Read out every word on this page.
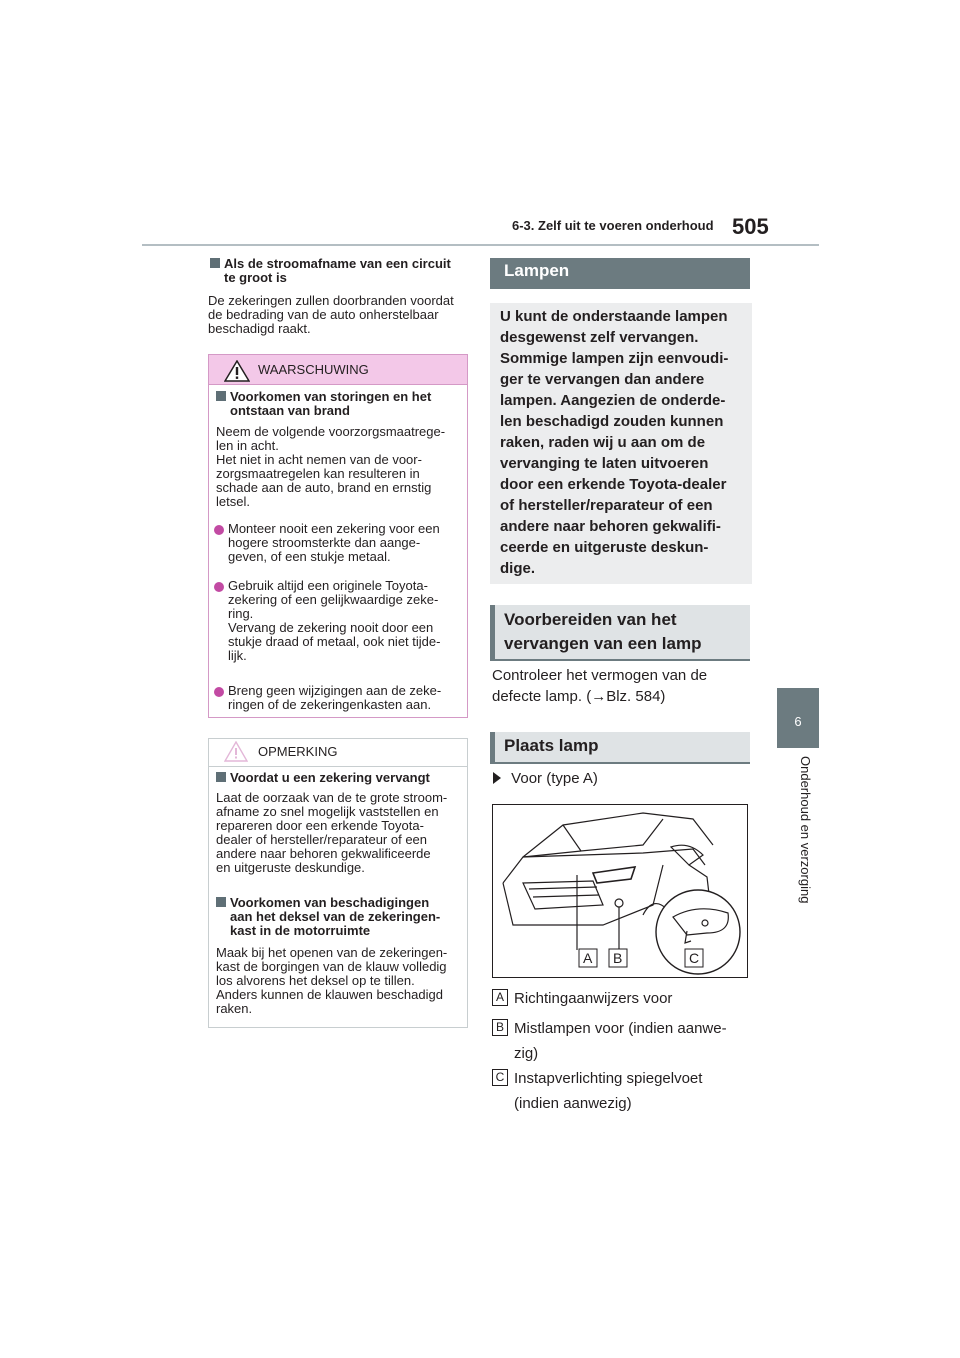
6-3. Zelf uit te voeren onderhoud 505
6
Onderhoud en verzorging
Als de stroomafname van een circuit
te groot is
De zekeringen zullen doorbranden voordat
de bedrading van de auto onherstelbaar
beschadigd raakt.
WAARSCHUWING
Voorkomen van storingen en het
ontstaan van brand
Neem de volgende voorzorgsmaatrege-
len in acht.
Het niet in acht nemen van de voor-
zorgsmaatregelen kan resulteren in
schade aan de auto, brand en ernstig
letsel.
Monteer nooit een zekering voor een
hogere stroomsterkte dan aange-
geven, of een stukje metaal.
Gebruik altijd een originele Toyota-
zekering of een gelijkwaardige zeke-
ring.
Vervang de zekering nooit door een
stukje draad of metaal, ook niet tijde-
lijk.
Breng geen wijzigingen aan de zeke-
ringen of de zekeringenkasten aan.
OPMERKING
Voordat u een zekering vervangt
Laat de oorzaak van de te grote stroom-
afname zo snel mogelijk vaststellen en
repareren door een erkende Toyota-
dealer of hersteller/reparateur of een
andere naar behoren gekwalificeerde
en uitgeruste deskundige.
Voorkomen van beschadigingen
aan het deksel van de zekeringen-
kast in de motorruimte
Maak bij het openen van de zekeringen-
kast de borgingen van de klauw volledig
los alvorens het deksel op te tillen.
Anders kunnen de klauwen beschadigd
raken.
Lampen
U kunt de onderstaande lampen
desgewenst zelf vervangen.
Sommige lampen zijn eenvoudi-
ger te vervangen dan andere
lampen. Aangezien de onderde-
len beschadigd zouden kunnen
raken, raden wij u aan om de
vervanging te laten uitvoeren
door een erkende Toyota-dealer
of hersteller/reparateur of een
andere naar behoren gekwalifi-
ceerde en uitgeruste deskun-
dige.
Voorbereiden van het
vervangen van een lamp
Controleer het vermogen van de
defecte lamp. (→Blz. 584)
Plaats lamp
Voor (type A)
A B	C
A Richtingaanwijzers voor
B Mistlampen voor (indien aanwe-
zig)
C Instapverlichting spiegelvoet
(indien aanwezig)
